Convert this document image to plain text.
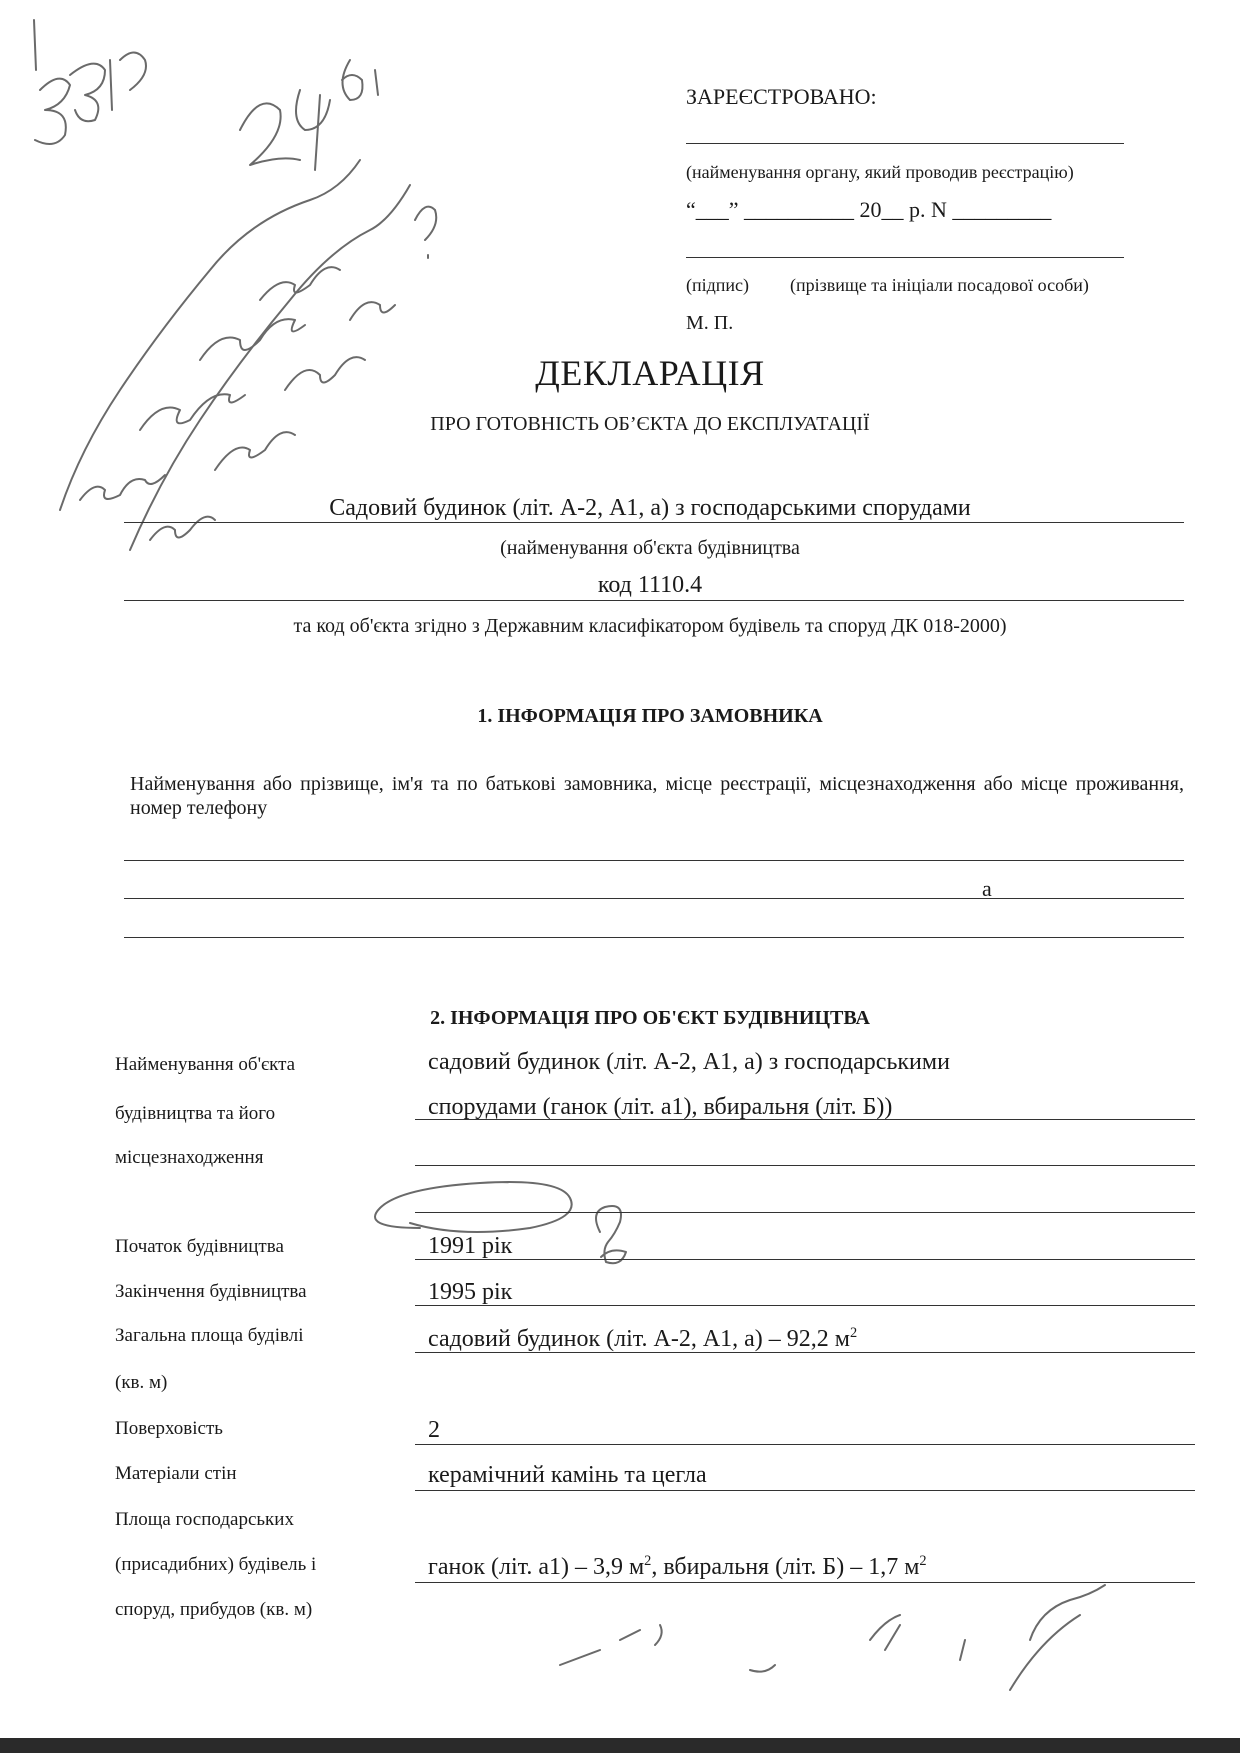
ЗАРЕЄСТРОВАНО:
(найменування органу, який проводив реєстрацію)
“___” __________ 20__ р. N _________
(підпис) (прізвище та ініціали посадової особи)
М. П.
ДЕКЛАРАЦІЯ
ПРО ГОТОВНІСТЬ ОБ’ЄКТА ДО ЕКСПЛУАТАЦІЇ
Садовий будинок (літ. А-2, А1, а) з господарськими спорудами
(найменування об'єкта будівництва
код 1110.4
та код об'єкта згідно з Державним класифікатором будівель та споруд ДК 018-2000)
1. ІНФОРМАЦІЯ ПРО ЗАМОВНИКА
Найменування або прізвище, ім'я та по батькові замовника, місце реєстрації, місцезнаходження або місце проживання, номер телефону
а
2. ІНФОРМАЦІЯ ПРО ОБ'ЄКТ БУДІВНИЦТВА
Найменування об'єкта
будівництва та його
місцезнаходження
Початок будівництва
Закінчення будівництва
Загальна площа будівлі
(кв. м)
Поверховість
Матеріали стін
Площа господарських
(присадибних) будівель і
споруд, прибудов (кв. м)
садовий будинок (літ. А-2, А1, а) з господарськими
спорудами (ганок (літ. а1), вбиральня (літ. Б))
1991 рік
1995 рік
садовий будинок (літ. А-2, А1, а) – 92,2 $м^2$
2
керамічний камінь та цегла
ганок (літ. а1) – 3,9 $м^2$, вбиральня (літ. Б) – 1,7 $м^2$
